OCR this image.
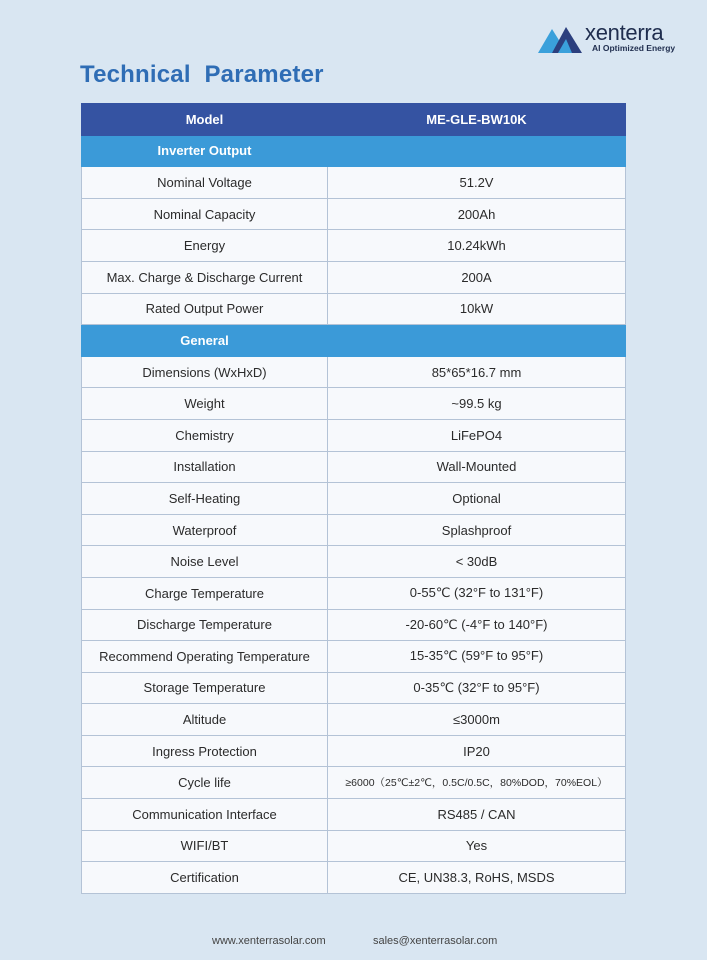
xenterra
AI Optimized Energy
Technical  Parameter
Model	ME-GLE-BW10K
Inverter Output	
Nominal Voltage	51.2V
Nominal Capacity	200Ah
Energy	10.24kWh
Max. Charge & Discharge Current	200A
Rated Output Power	10kW
General	
Dimensions (WxHxD)	85*65*16.7 mm
Weight	~99.5 kg
Chemistry	LiFePO4
Installation	Wall-Mounted
Self-Heating	Optional
Waterproof	Splashproof
Noise Level	< 30dB
Charge Temperature	0-55℃ (32°F to 131°F)
Discharge Temperature	-20-60℃ (-4°F to 140°F)
Recommend Operating Temperature	15-35℃ (59°F to 95°F)
Storage Temperature	0-35℃ (32°F to 95°F)
Altitude	≤3000m
Ingress Protection	IP20
Cycle life	≥6000（25℃±2℃，0.5C/0.5C，80%DOD，70%EOL）
Communication Interface	RS485 / CAN
WIFI/BT	Yes
Certification	CE, UN38.3, RoHS, MSDS
www.xenterrasolar.com	sales@xenterrasolar.com
